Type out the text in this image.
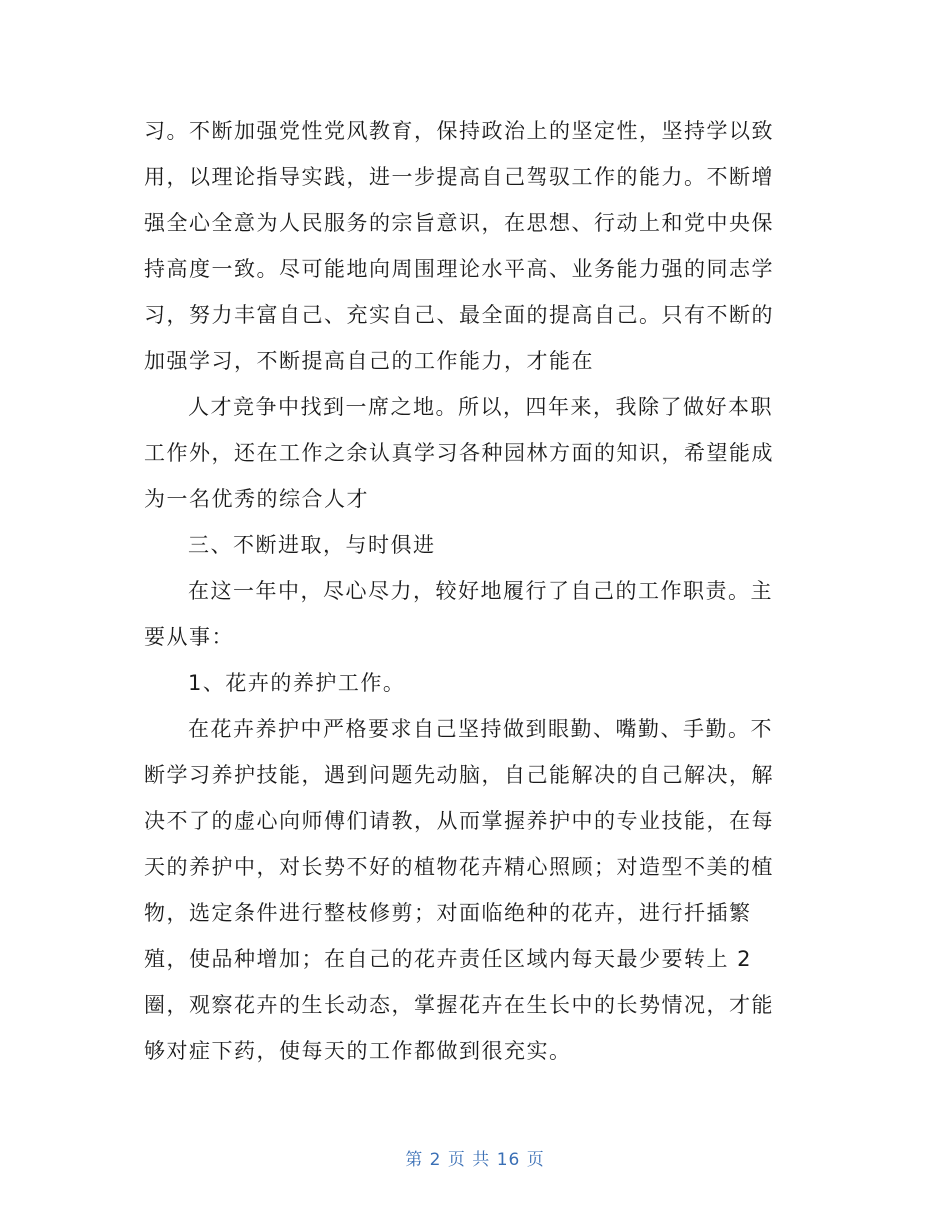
习。不断加强党性党风教育，保持政治上的坚定性，坚持学以致
用，以理论指导实践，进一步提高自己驾驭工作的能力。不断增
强全心全意为人民服务的宗旨意识，在思想、行动上和党中央保
持高度一致。尽可能地向周围理论水平高、业务能力强的同志学
习，努力丰富自己、充实自己、最全面的提高自己。只有不断的
加强学习，不断提高自己的工作能力，才能在
人才竞争中找到一席之地。所以，四年来，我除了做好本职
工作外，还在工作之余认真学习各种园林方面的知识，希望能成
为一名优秀的综合人才
三、不断进取，与时俱进
在这一年中，尽心尽力，较好地履行了自己的工作职责。主
要从事：
1、花卉的养护工作。
在花卉养护中严格要求自己坚持做到眼勤、嘴勤、手勤。不
断学习养护技能，遇到问题先动脑，自己能解决的自己解决，解
决不了的虚心向师傅们请教，从而掌握养护中的专业技能，在每
天的养护中，对长势不好的植物花卉精心照顾；对造型不美的植
物，选定条件进行整枝修剪；对面临绝种的花卉，进行扦插繁
殖，使品种增加；在自己的花卉责任区域内每天最少要转上 2
圈，观察花卉的生长动态，掌握花卉在生长中的长势情况，才能
够对症下药，使每天的工作都做到很充实。
第 2 页 共 16 页
